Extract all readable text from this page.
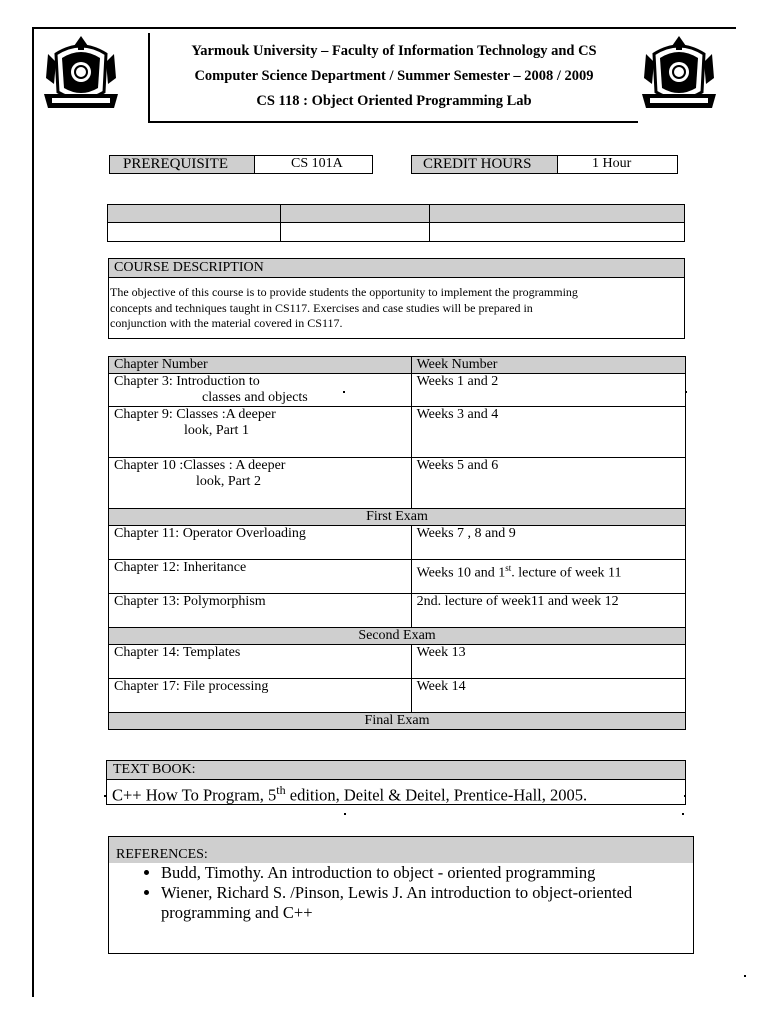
Yarmouk University – Faculty of Information Technology and CS
Computer Science Department / Summer Semester – 2008 / 2009
CS 118 : Object Oriented Programming Lab
PREREQUISITE	CS 101A	CREDIT HOURS	1 Hour
COURSE DESCRIPTION
The objective of this course is to provide students the opportunity to implement the programming
concepts and techniques taught in CS117. Exercises and case studies will be prepared in
conjunction with the material covered in CS117.
Chapter Number	Week Number

Chapter 3: Introduction to
classes and objects	Weeks 1 and 2

Chapter 9: Classes :A deeper
look, Part 1	Weeks 3 and 4

Chapter 10 :Classes : A deeper
look, Part 2	Weeks 5 and 6
First Exam	
Chapter 11: Operator Overloading	Weeks 7 , 8 and 9
Chapter 12: Inheritance	Weeks 10 and 1st. lecture of week 11
Chapter 13: Polymorphism	2nd. lecture of week11 and week 12
Second Exam	
Chapter 14: Templates	Week 13
Chapter 17: File processing	Week 14
Final Exam	
TEXT BOOK:
C++ How To Program, 5th edition, Deitel & Deitel, Prentice-Hall, 2005.
REFERENCES:
• Budd, Timothy. An introduction to object - oriented programming
• Wiener, Richard S. /Pinson, Lewis J. An introduction to object-oriented programming and C++
